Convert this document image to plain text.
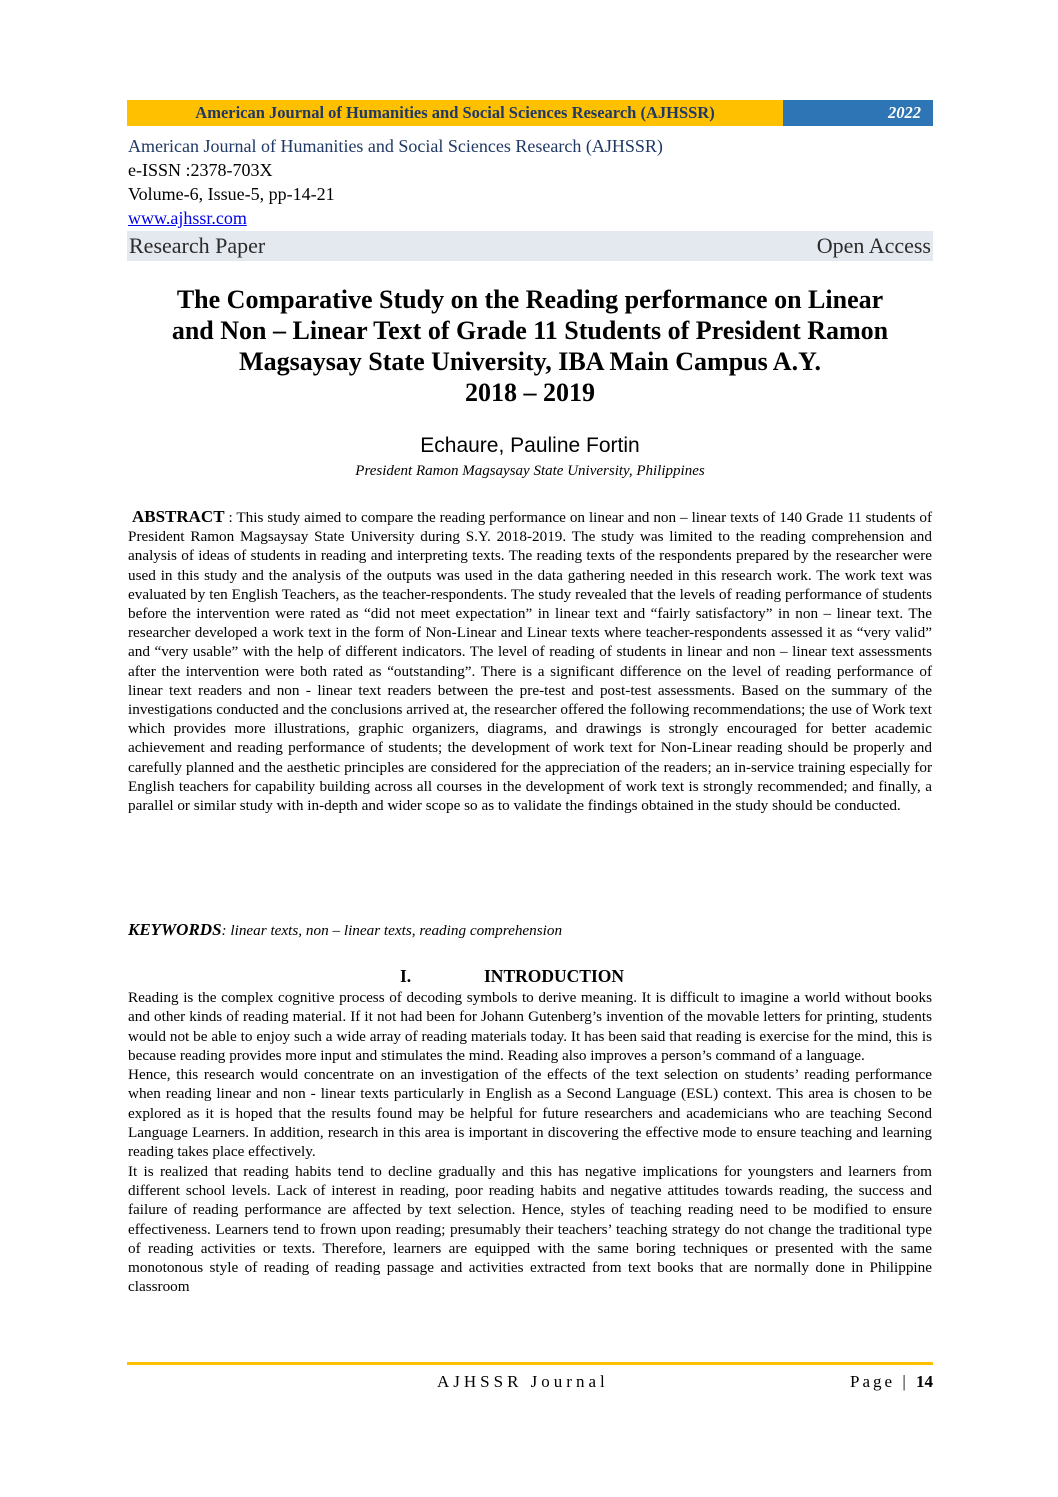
American Journal of Humanities and Social Sciences Research (AJHSSR)	2022
American Journal of Humanities and Social Sciences Research (AJHSSR)
e-ISSN :2378-703X
Volume-6, Issue-5, pp-14-21
www.ajhssr.com
Research Paper	Open Access
The Comparative Study on the Reading performance on Linear
and Non – Linear Text of Grade 11 Students of President Ramon
Magsaysay State University, IBA Main Campus A.Y.
2018 – 2019
Echaure, Pauline Fortin
President Ramon Magsaysay State University, Philippines
ABSTRACT : This study aimed to compare the reading performance on linear and non – linear texts of 140 Grade 11 students of President Ramon Magsaysay State University during S.Y. 2018-2019. The study was limited to the reading comprehension and analysis of ideas of students in reading and interpreting texts. The reading texts of the respondents prepared by the researcher were used in this study and the analysis of the outputs was used in the data gathering needed in this research work. The work text was evaluated by ten English Teachers, as the teacher-respondents. The study revealed that the levels of reading performance of students before the intervention were rated as “did not meet expectation” in linear text and “fairly satisfactory” in non – linear text. The researcher developed a work text in the form of Non-Linear and Linear texts where teacher-respondents assessed it as “very valid” and “very usable” with the help of different indicators. The level of reading of students in linear and non – linear text assessments after the intervention were both rated as “outstanding”. There is a significant difference on the level of reading performance of linear text readers and non - linear text readers between the pre-test and post-test assessments. Based on the summary of the investigations conducted and the conclusions arrived at, the researcher offered the following recommendations; the use of Work text which provides more illustrations, graphic organizers, diagrams, and drawings is strongly encouraged for better academic achievement and reading performance of students; the development of work text for Non-Linear reading should be properly and carefully planned and the aesthetic principles are considered for the appreciation of the readers; an in-service training especially for English teachers for capability building across all courses in the development of work text is strongly recommended; and finally, a parallel or similar study with in-depth and wider scope so as to validate the findings obtained in the study should be conducted.
KEYWORDS: linear texts, non – linear texts, reading comprehension
I.	INTRODUCTION

Reading is the complex cognitive process of decoding symbols to derive meaning. It is difficult to imagine a world without books and other kinds of reading material. If it not had been for Johann Gutenberg’s invention of the movable letters for printing, students would not be able to enjoy such a wide array of reading materials today. It has been said that reading is exercise for the mind, this is because reading provides more input and stimulates the mind. Reading also improves a person’s command of a language.

Hence, this research would concentrate on an investigation of the effects of the text selection on students’ reading performance when reading linear and non - linear texts particularly in English as a Second Language (ESL) context. This area is chosen to be explored as it is hoped that the results found may be helpful for future researchers and academicians who are teaching Second Language Learners. In addition, research in this area is important in discovering the effective mode to ensure teaching and learning reading takes place effectively.

It is realized that reading habits tend to decline gradually and this has negative implications for youngsters and learners from different school levels. Lack of interest in reading, poor reading habits and negative attitudes towards reading, the success and failure of reading performance are affected by text selection. Hence, styles of teaching reading need to be modified to ensure effectiveness. Learners tend to frown upon reading; presumably their teachers’ teaching strategy do not change the traditional type of reading activities or texts. Therefore, learners are equipped with the same boring techniques or presented with the same monotonous style of reading of reading passage and activities extracted from text books that are normally done in Philippine classroom

AJHSSR Journal	Page | 14
